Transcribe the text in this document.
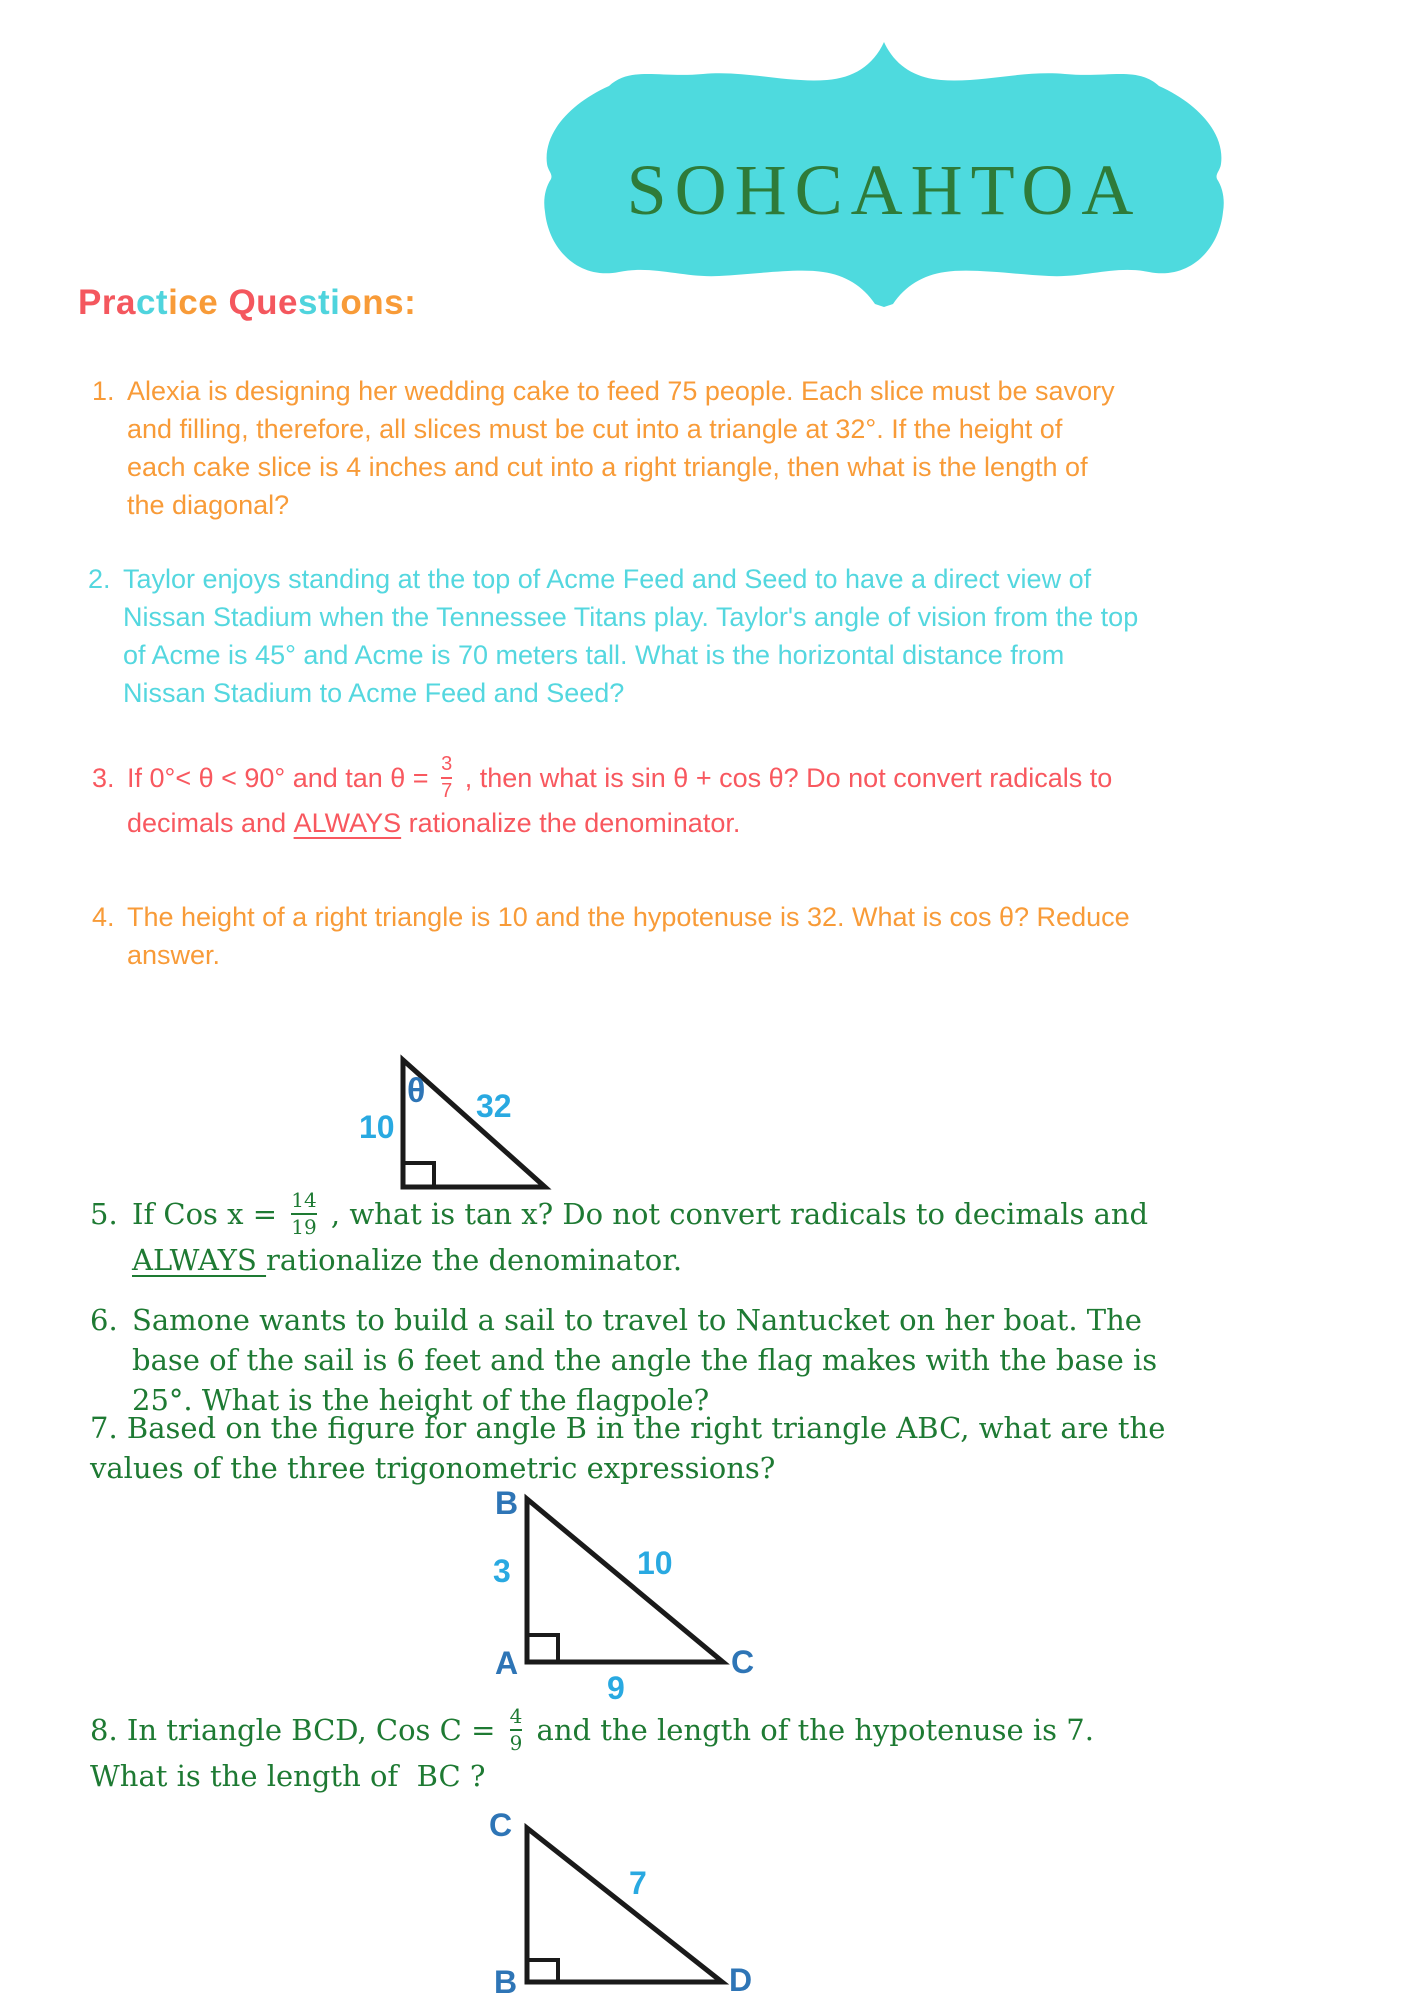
SOHCAHTOA
Practice Questions:
1. Alexia is designing her wedding cake to feed 75 people. Each slice must be savory
and filling, therefore, all slices must be cut into a triangle at 32°. If the height of
each cake slice is 4 inches and cut into a right triangle, then what is the length of
the diagonal?
2. Taylor enjoys standing at the top of Acme Feed and Seed to have a direct view of
Nissan Stadium when the Tennessee Titans play. Taylor's angle of vision from the top
of Acme is 45° and Acme is 70 meters tall. What is the horizontal distance from
Nissan Stadium to Acme Feed and Seed?
3. If 0°< θ < 90° and $\tan \theta = \frac{3}{7}$ , then what is sin θ + cos θ? Do not convert radicals to
decimals and ALWAYS rationalize the denominator.
4. The height of a right triangle is 10 and the hypotenuse is 32. What is cos θ? Reduce
answer.
5. If Cos $x = \frac{14}{19}$ , what is tan x? Do not convert radicals to decimals and
ALWAYS rationalize the denominator.
6. Samone wants to build a sail to travel to Nantucket on her boat. The
base of the sail is 6 feet and the angle the flag makes with the base is
25°. What is the height of the flagpole?
7. Based on the figure for angle B in the right triangle ABC, what are the
values of the three trigonometric expressions?
8. In triangle BCD, Cos $C = \frac{4}{9}$ and the length of the hypotenuse is 7.
What is the length of  BC ?
θ
10
32
B
A	C
3	10
9
C
B	D
7
